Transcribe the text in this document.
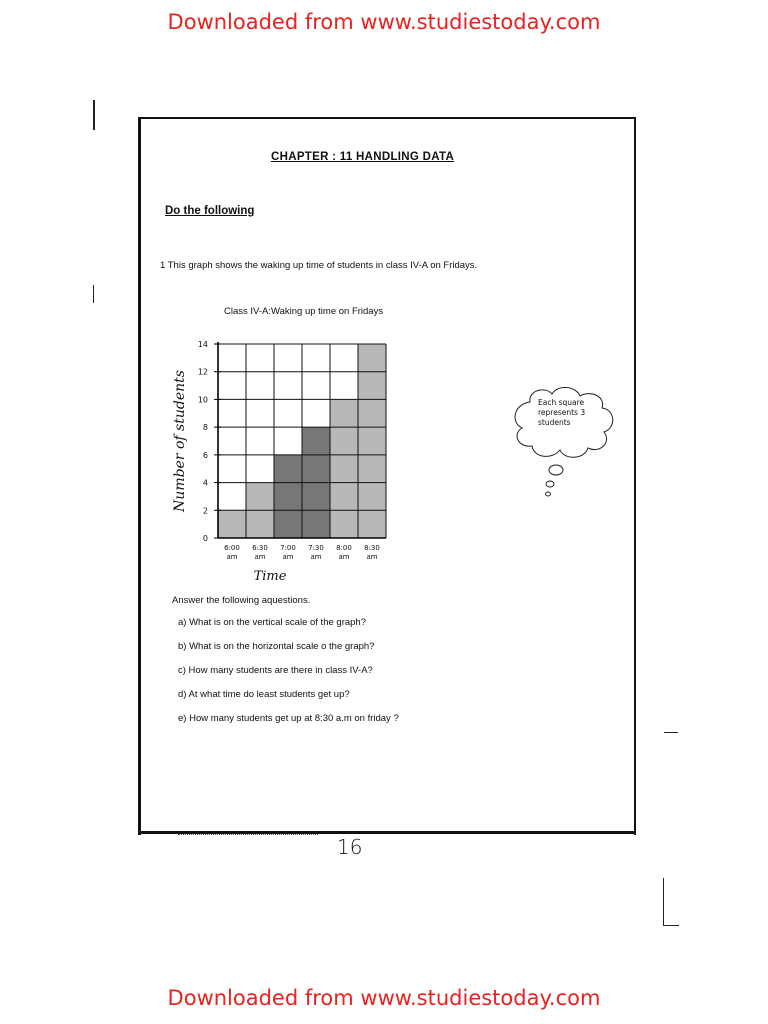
Downloaded from www.studiestoday.com
CHAPTER : 11 HANDLING DATA
Do the following
1 This graph shows the waking up time of students in class IV-A on Fridays.
Class IV-A:Waking up time on Fridays
0
2
4
6
8
10
12
14
6:00
am
6:30
am
7:00
am
7:30
am
8:00
am
8:30
am
Time
Number of students	Each square represents 3 students
Answer the following aquestions.
a) What is on the vertical scale of the graph?
b) What is on the horizontal scale o the graph?
c) How many students are there in class IV-A?
d) At what time do least students get up?
e) How many students get up at 8:30 a.m on friday ?
16
Downloaded from www.studiestoday.com
